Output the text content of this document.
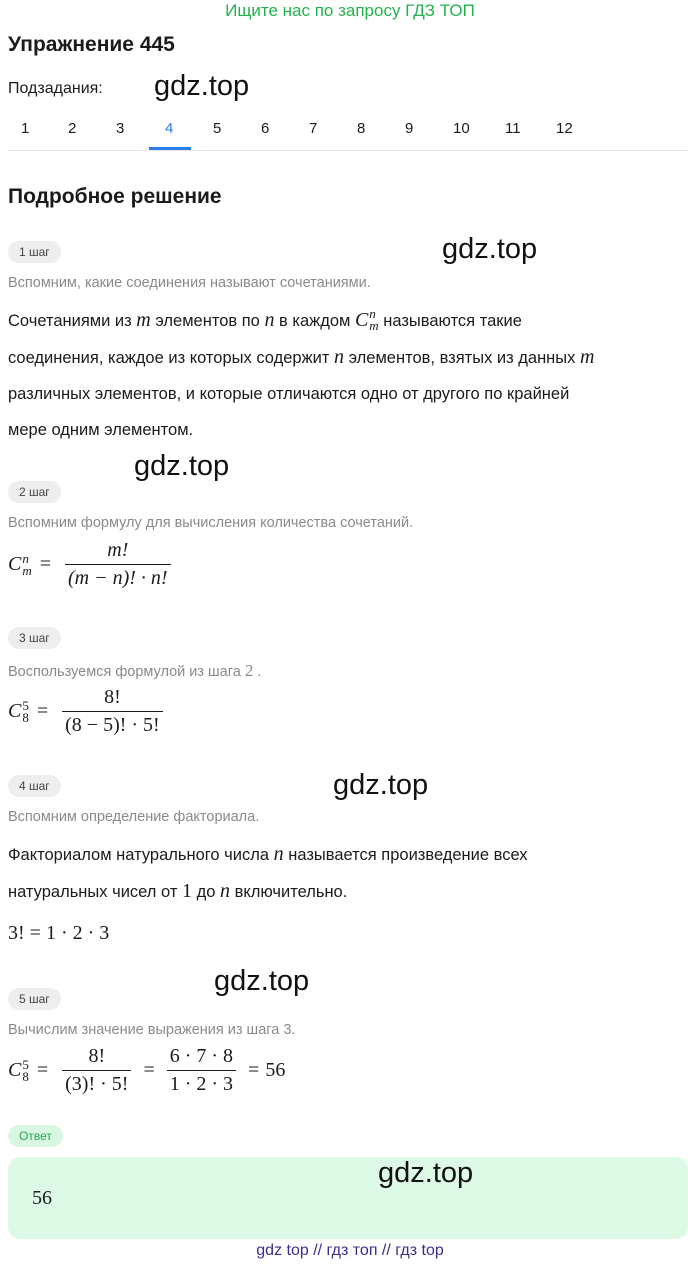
Ищите нас по запросу ГДЗ ТОП
Упражнение 445
Подзадания: gdz.top
1	2	3	4	5	6	7	8	9	10 11 12
Подробное решение
1 шаг	gdz.top
Вспомним, какие соединения называют сочетаниями.
Сочетаниями из m элементов по n в каждом C n
m называются такие
соединения, каждое из которых содержит n элементов, взятых из данных m
различных элементов, и которые отличаются одно от другого по крайней
мере одним элементом.
gdz.top
2 шаг
Вспомним формулу для вычисления количества сочетаний.
C n
$m = \frac{m!}{(m - n)! \cdot n!}$
3 шаг
Воспользуемся формулой из шага 2 .
C 5
$8 = \frac{8!}{(8 - 5)! \cdot 5!}$
4 шаг	gdz.top
Вспомним определение факториала.
Факториалом натурального числа n называется произведение всех
натуральных чисел от 1 до n включительно.
3! = 1 · 2 · 3
gdz.top
5 шаг
Вычислим значение выражения из шага 3.
C 5
$8 = \frac{8!}{(3)! \cdot 5!} = \frac{6 \cdot 7 \cdot 8}{1 \cdot 2 \cdot 3} = 56$
Ответ
56
gdz.top
gdz top // гдз топ // гдз top
